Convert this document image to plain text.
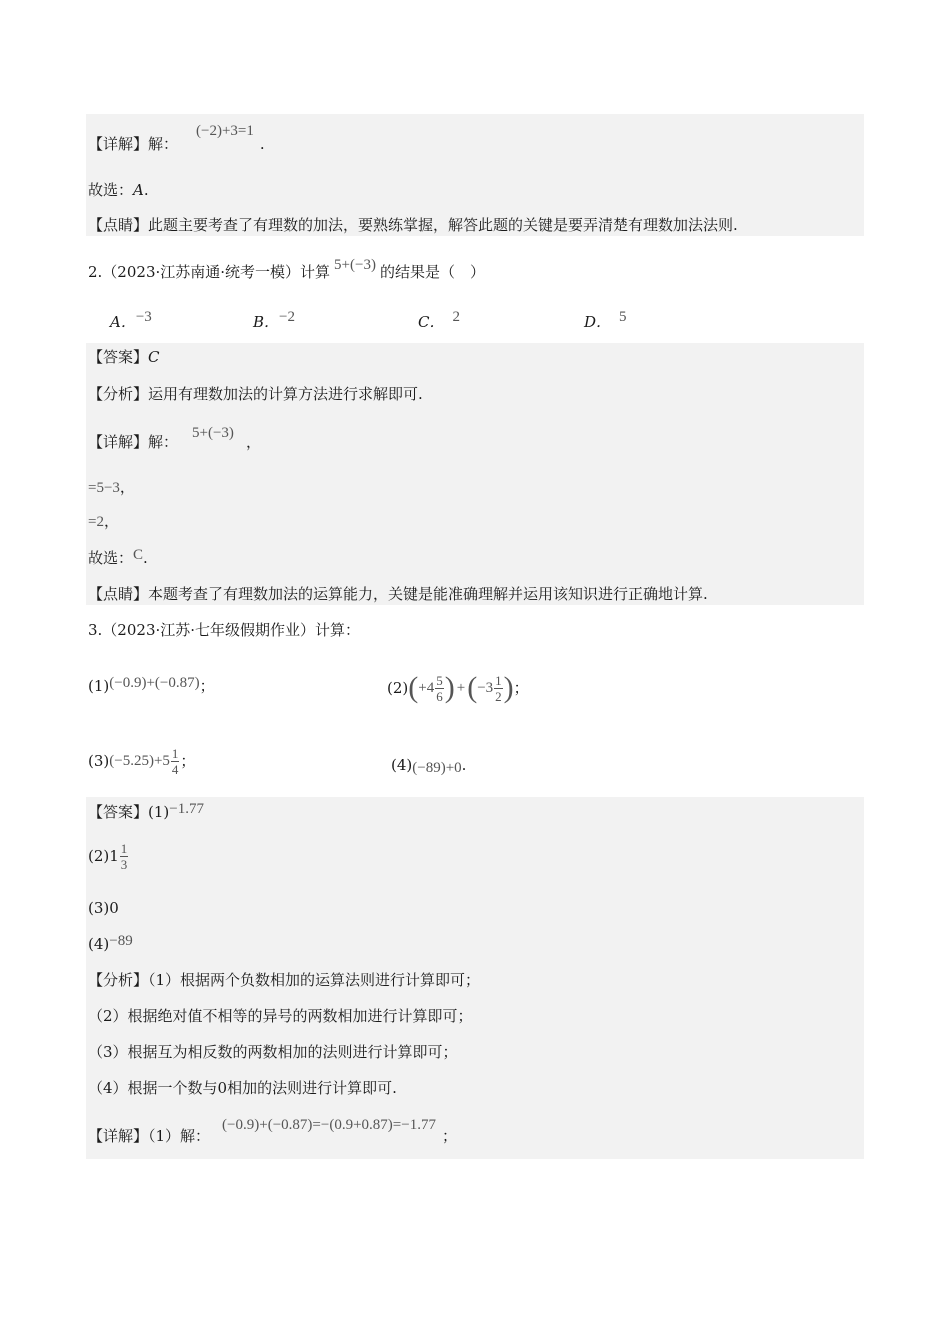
【详解】解：(−2)+3=1.
故选：A.
【点睛】此题主要考查了有理数的加法，要熟练掌握，解答此题的关键是要弄清楚有理数加法法则.
2.（2023·江苏南通·统考一模）计算 5+(−3) 的结果是（　）
A．−3	B．−2	C． 2	D． 5
【答案】C
【分析】运用有理数加法的计算方法进行求解即可.
【详解】解： 5+(−3) ，
=5−3，
=2，
故选：C.
【点睛】本题考查了有理数加法的运算能力，关键是能准确理解并运用该知识进行正确地计算.
3.（2023·江苏·七年级假期作业）计算：
(1)(−0.9)+(−0.87)；	$(2)(+4 \frac{5}{6}$ ) $+(-3 \frac{1}{2}$ )；
$(3)(-5.25)+5 \frac{1}{4}$ ；	(4)(−89)+0.
【答案】(1)−1.77
$(2)1 \frac{1}{3}$
(3)0
(4)−89
【分析】（1）根据两个负数相加的运算法则进行计算即可；
（2）根据绝对值不相等的异号的两数相加进行计算即可；
（3）根据互为相反数的两数相加的法则进行计算即可；
（4）根据一个数与0相加的法则进行计算即可.
【详解】（1）解：(−0.9)+(−0.87)=−(0.9+0.87)=−1.77；
